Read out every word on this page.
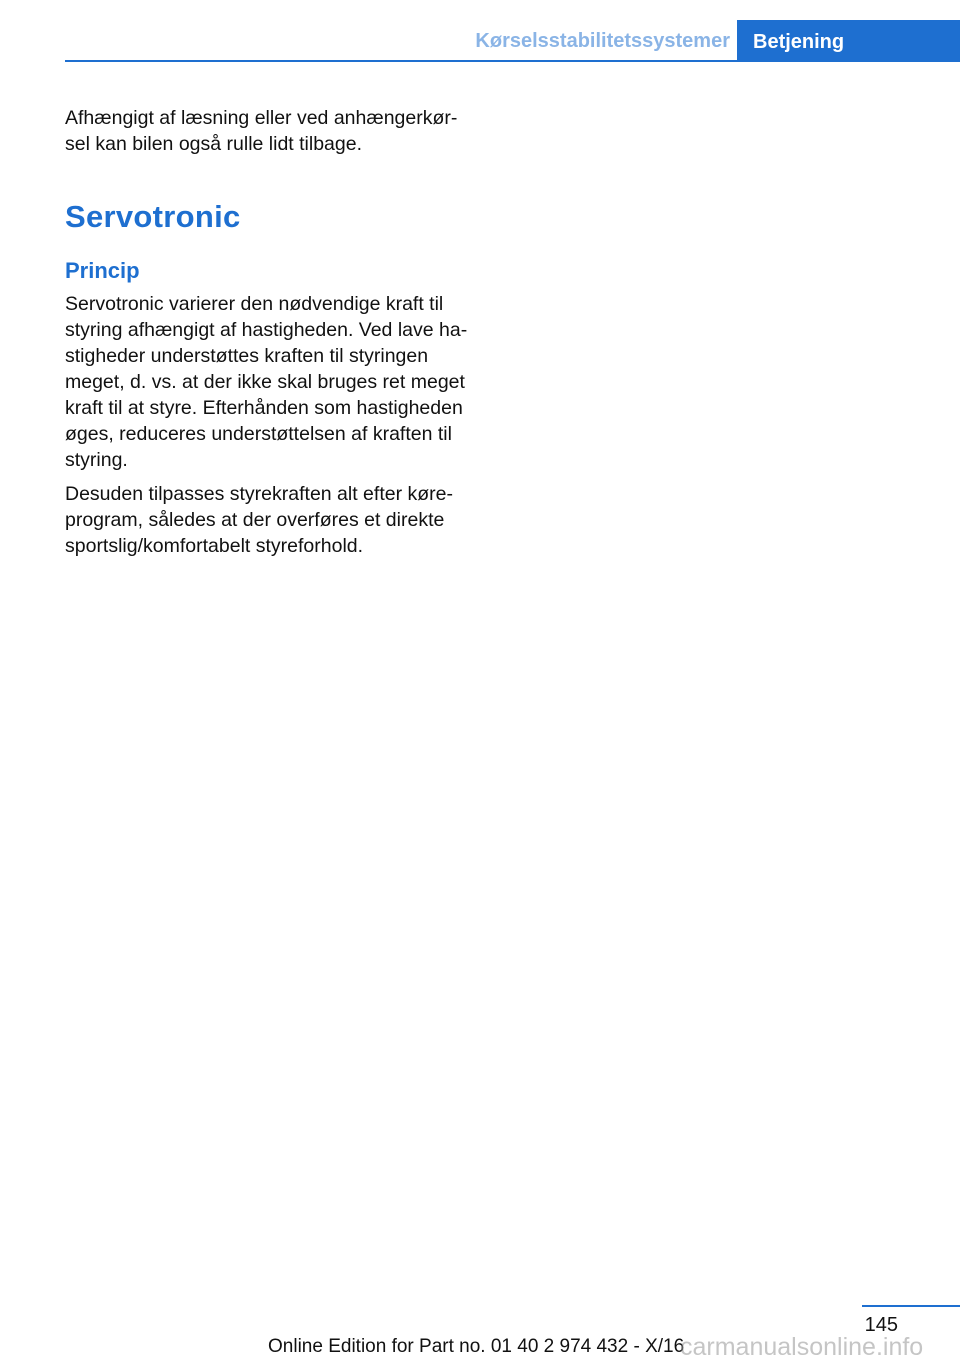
Kørselsstabilitetssystemer	Betjening

Afhængigt af læsning eller ved anhængerkør-
sel kan bilen også rulle lidt tilbage.

Servotronic
Princip

Servotronic varierer den nødvendige kraft til
styring afhængigt af hastigheden. Ved lave ha-
stigheder understøttes kraften til styringen
meget, d. vs. at der ikke skal bruges ret meget
kraft til at styre. Efterhånden som hastigheden
øges, reduceres understøttelsen af kraften til
styring.

Desuden tilpasses styrekraften alt efter køre-
program, således at der overføres et direkte
sportslig/komfortabelt styreforhold.

145
Online Edition for Part no. 01 40 2 974 432 - X/16
carmanualsonline.info
